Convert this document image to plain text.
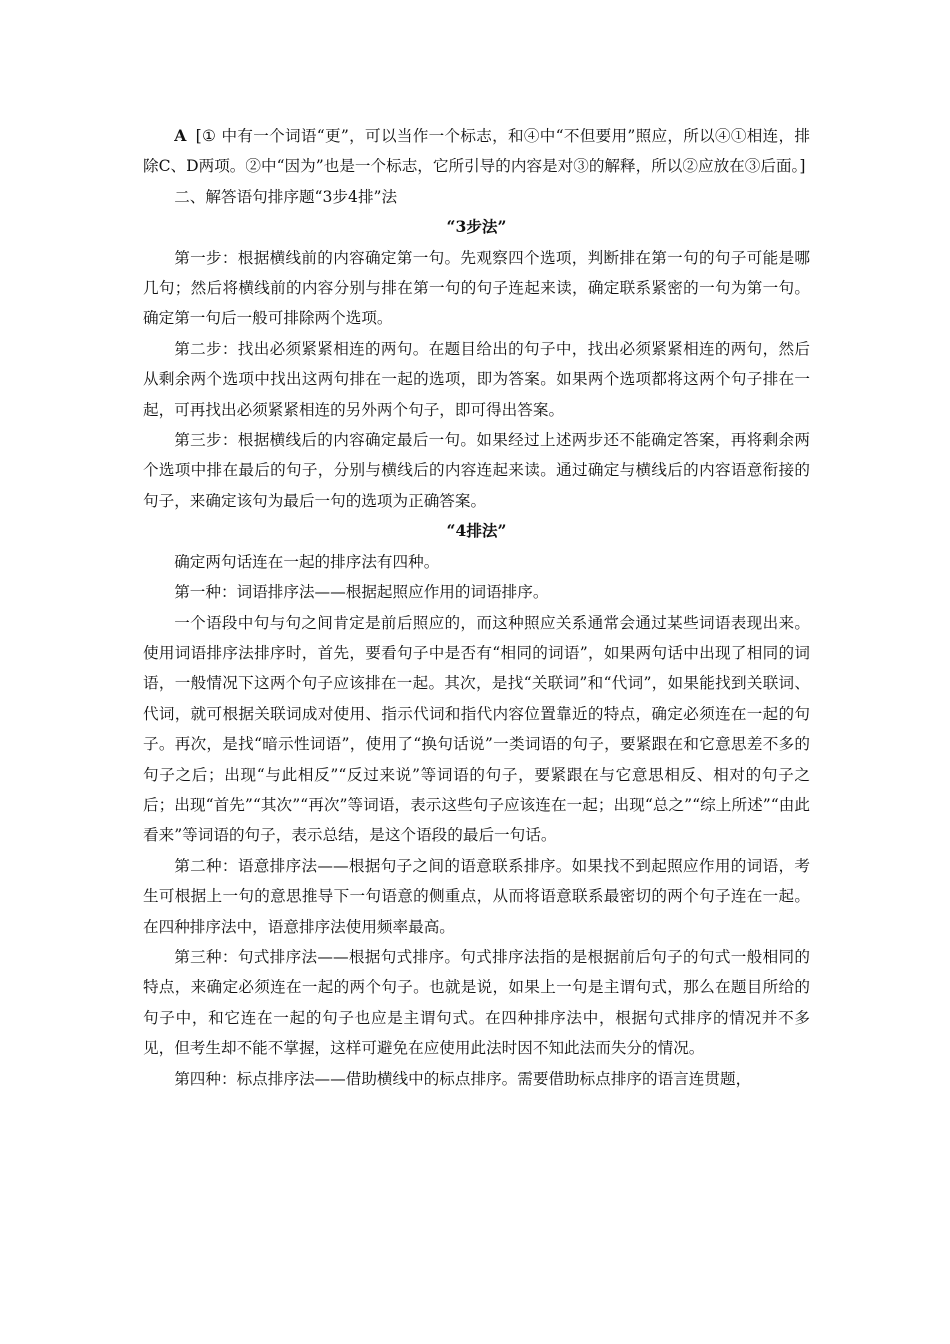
A [① 中有一个词语“更”，可以当作一个标志，和④中“不但要用”照应，所以④①相连，排除C、D两项。②中“因为”也是一个标志，它所引导的内容是对③的解释，所以②应放在③后面。]

二、解答语句排序题“3步4排”法

“3步法”

第一步：根据横线前的内容确定第一句。先观察四个选项，判断排在第一句的句子可能是哪几句；然后将横线前的内容分别与排在第一句的句子连起来读，确定联系紧密的一句为第一句。确定第一句后一般可排除两个选项。

第二步：找出必须紧紧相连的两句。在题目给出的句子中，找出必须紧紧相连的两句，然后从剩余两个选项中找出这两句排在一起的选项，即为答案。如果两个选项都将这两个句子排在一起，可再找出必须紧紧相连的另外两个句子，即可得出答案。

第三步：根据横线后的内容确定最后一句。如果经过上述两步还不能确定答案，再将剩余两个选项中排在最后的句子，分别与横线后的内容连起来读。通过确定与横线后的内容语意衔接的句子，来确定该句为最后一句的选项为正确答案。

“4排法”

确定两句话连在一起的排序法有四种。

第一种：词语排序法——根据起照应作用的词语排序。

一个语段中句与句之间肯定是前后照应的，而这种照应关系通常会通过某些词语表现出来。使用词语排序法排序时，首先，要看句子中是否有“相同的词语”，如果两句话中出现了相同的词语，一般情况下这两个句子应该排在一起。其次，是找“关联词”和“代词”，如果能找到关联词、代词，就可根据关联词成对使用、指示代词和指代内容位置靠近的特点，确定必须连在一起的句子。再次，是找“暗示性词语”，使用了“换句话说”一类词语的句子，要紧跟在和它意思差不多的句子之后；出现“与此相反”“反过来说”等词语的句子，要紧跟在与它意思相反、相对的句子之后；出现“首先”“其次”“再次”等词语，表示这些句子应该连在一起；出现“总之”“综上所述”“由此看来”等词语的句子，表示总结，是这个语段的最后一句话。

第二种：语意排序法——根据句子之间的语意联系排序。如果找不到起照应作用的词语，考生可根据上一句的意思推导下一句语意的侧重点，从而将语意联系最密切的两个句子连在一起。在四种排序法中，语意排序法使用频率最高。

第三种：句式排序法——根据句式排序。句式排序法指的是根据前后句子的句式一般相同的特点，来确定必须连在一起的两个句子。也就是说，如果上一句是主谓句式，那么在题目所给的句子中，和它连在一起的句子也应是主谓句式。在四种排序法中，根据句式排序的情况并不多见，但考生却不能不掌握，这样可避免在应使用此法时因不知此法而失分的情况。

第四种：标点排序法——借助横线中的标点排序。需要借助标点排序的语言连贯题，
